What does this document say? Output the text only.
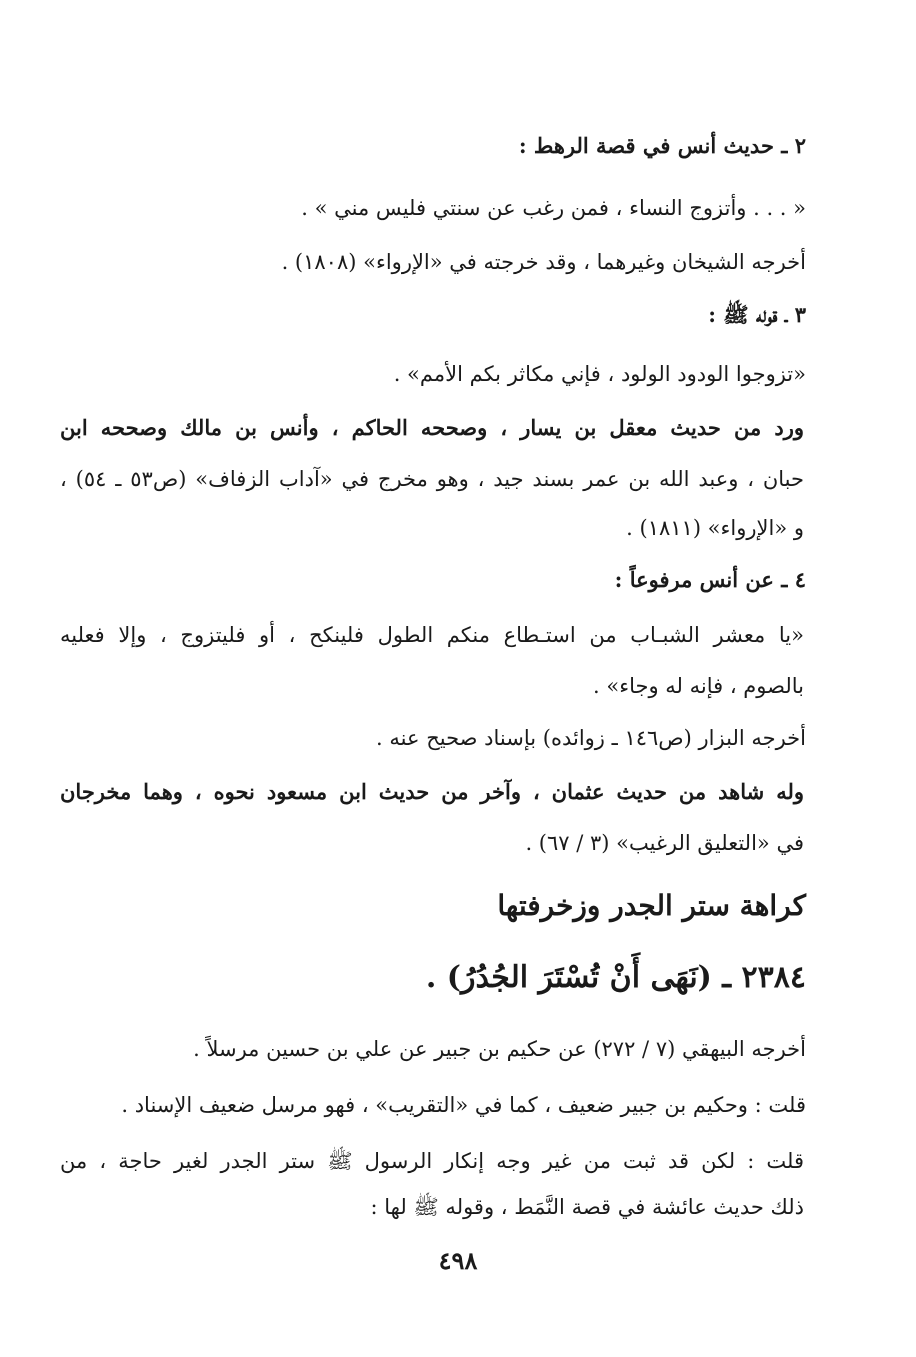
٢ ـ حديث أنس في قصة الرهط :

« . . . وأتزوج النساء ، فمن رغب عن سنتي فليس مني » .

أخرجه الشيخان وغيرهما ، وقد خرجته في «الإرواء» (١٨٠٨) .

٣ ـ قوله ﷺ :

«تزوجوا الودود الولود ، فإني مكاثر بكم الأمم» .

ورد من حديث معقل بن يسار ، وصححه الحاكم ، وأنس بن مالك وصححه ابن

حبان ، وعبد الله بن عمر بسند جيد ، وهو مخرج في «آداب الزفاف» (ص٥٣ ـ ٥٤) ،

و «الإرواء» (١٨١١) .

٤ ـ عن أنس مرفوعاً :

«يا معشر الشبـاب من استـطاع منكم الطول فلينكح ، أو فليتزوج ، وإلا فعليه

بالصوم ، فإنه له وجاء» .

أخرجه البزار (ص١٤٦ ـ زوائده) بإسناد صحيح عنه .

وله شاهد من حديث عثمان ، وآخر من حديث ابن مسعود نحوه ، وهما مخرجان

في «التعليق الرغيب» (٣ / ٦٧) .

كراهة ستر الجدر وزخرفتها

٢٣٨٤ ـ (نَهَى أَنْ تُسْتَرَ الجُدُرُ) .

أخرجه البيهقي (٧ / ٢٧٢) عن حكيم بن جبير عن علي بن حسين مرسلاً .

قلت : وحكيم بن جبير ضعيف ، كما في «التقريب» ، فهو مرسل ضعيف الإسناد .

قلت : لكن قد ثبت من غير وجه إنكار الرسول ﷺ ستر الجدر لغير حاجة ، من

ذلك حديث عائشة في قصة النَّمَط ، وقوله ﷺ لها :

٤٩٨
